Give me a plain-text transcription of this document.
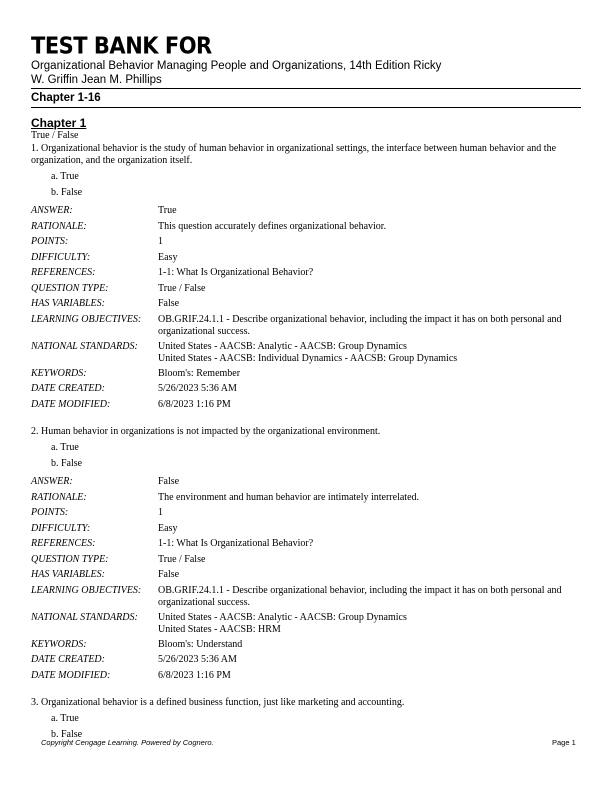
TEST BANK FOR
Organizational Behavior Managing People and Organizations, 14th Edition Ricky
W. Griffin Jean M. Phillips
Chapter 1-16
Chapter 1
True / False

1. Organizational behavior is the study of human behavior in organizational settings, the interface between human behavior and the organization, and the organization itself.

a. True
b. False
ANSWER:	True
RATIONALE:	This question accurately defines organizational behavior.
POINTS:	1
DIFFICULTY:	Easy
REFERENCES:	1-1: What Is Organizational Behavior?
QUESTION TYPE:	True / False
HAS VARIABLES:	False
LEARNING OBJECTIVES:	OB.GRIF.24.1.1 - Describe organizational behavior, including the impact it has on both personal and organizational success.
NATIONAL STANDARDS:	United States - AACSB: Analytic - AACSB: Group Dynamics
United States - AACSB: Individual Dynamics - AACSB: Group Dynamics
KEYWORDS:	Bloom's: Remember
DATE CREATED:	5/26/2023 5:36 AM
DATE MODIFIED:	6/8/2023 1:16 PM

2. Human behavior in organizations is not impacted by the organizational environment.

a. True
b. False
ANSWER:	False
RATIONALE:	The environment and human behavior are intimately interrelated.
POINTS:	1
DIFFICULTY:	Easy
REFERENCES:	1-1: What Is Organizational Behavior?
QUESTION TYPE:	True / False
HAS VARIABLES:	False
LEARNING OBJECTIVES:	OB.GRIF.24.1.1 - Describe organizational behavior, including the impact it has on both personal and organizational success.
NATIONAL STANDARDS:	United States - AACSB: Analytic - AACSB: Group Dynamics
United States - AACSB: HRM
KEYWORDS:	Bloom's: Understand
DATE CREATED:	5/26/2023 5:36 AM
DATE MODIFIED:	6/8/2023 1:16 PM

3. Organizational behavior is a defined business function, just like marketing and accounting.

a. True
b. False
Copyright Cengage Learning. Powered by Cognero.	Page 1
